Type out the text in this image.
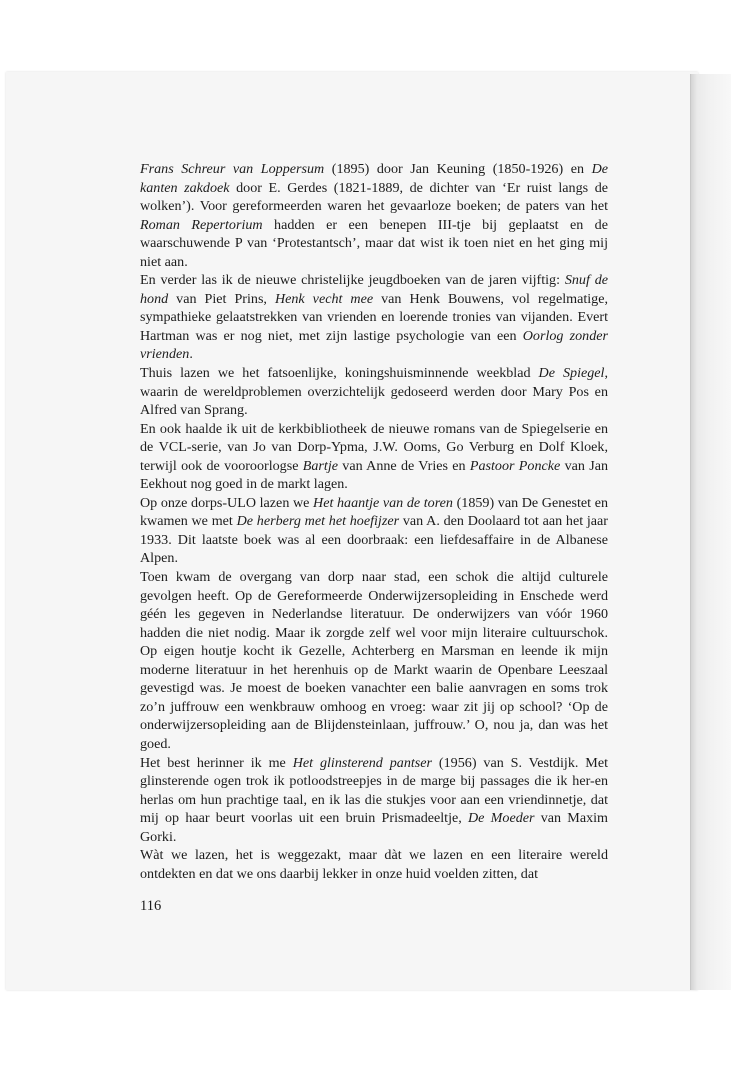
Frans Schreur van Loppersum (1895) door Jan Keuning (1850-1926) en De kanten zakdoek door E. Gerdes (1821-1889, de dichter van ‘Er ruist langs de wolken’). Voor gereformeerden waren het gevaarloze boeken; de paters van het Roman Repertorium hadden er een benepen III-tje bij geplaatst en de waarschuwende P van ‘Protestantsch’, maar dat wist ik toen niet en het ging mij niet aan.

En verder las ik de nieuwe christelijke jeugdboeken van de jaren vijftig: Snuf de hond van Piet Prins, Henk vecht mee van Henk Bouwens, vol regelmatige, sympathieke gelaatstrekken van vrienden en loerende tronies van vijanden. Evert Hartman was er nog niet, met zijn lastige psychologie van een Oorlog zonder vrienden.

Thuis lazen we het fatsoenlijke, koningshuisminnende weekblad De Spiegel, waarin de wereldproblemen overzichtelijk gedoseerd werden door Mary Pos en Alfred van Sprang.

En ook haalde ik uit de kerkbibliotheek de nieuwe romans van de Spiegelserie en de VCL-serie, van Jo van Dorp-Ypma, J.W. Ooms, Go Verburg en Dolf Kloek, terwijl ook de vooroorlogse Bartje van Anne de Vries en Pastoor Poncke van Jan Eekhout nog goed in de markt lagen.

Op onze dorps-ULO lazen we Het haantje van de toren (1859) van De Genestet en kwamen we met De herberg met het hoefijzer van A. den Doolaard tot aan het jaar 1933. Dit laatste boek was al een doorbraak: een liefdesaffaire in de Albanese Alpen.

Toen kwam de overgang van dorp naar stad, een schok die altijd culturele gevolgen heeft. Op de Gereformeerde Onderwijzersopleiding in Enschede werd géén les gegeven in Nederlandse literatuur. De onderwijzers van vóór 1960 hadden die niet nodig. Maar ik zorgde zelf wel voor mijn literaire cultuurschok. Op eigen houtje kocht ik Gezelle, Achterberg en Marsman en leende ik mijn moderne literatuur in het herenhuis op de Markt waarin de Openbare Leeszaal gevestigd was. Je moest de boeken vanachter een balie aanvragen en soms trok zo’n juffrouw een wenkbrauw omhoog en vroeg: waar zit jij op school? ‘Op de onderwijzersopleiding aan de Blijdensteinlaan, juffrouw.’ O, nou ja, dan was het goed.

Het best herinner ik me Het glinsterend pantser (1956) van S. Vestdijk. Met glinsterende ogen trok ik potloodstreepjes in de marge bij passages die ik her-en herlas om hun prachtige taal, en ik las die stukjes voor aan een vriendinnetje, dat mij op haar beurt voorlas uit een bruin Prismadeeltje, De Moeder van Maxim Gorki.

Wàt we lazen, het is weggezakt, maar dàt we lazen en een literaire wereld ontdekten en dat we ons daarbij lekker in onze huid voelden zitten, dat

116
